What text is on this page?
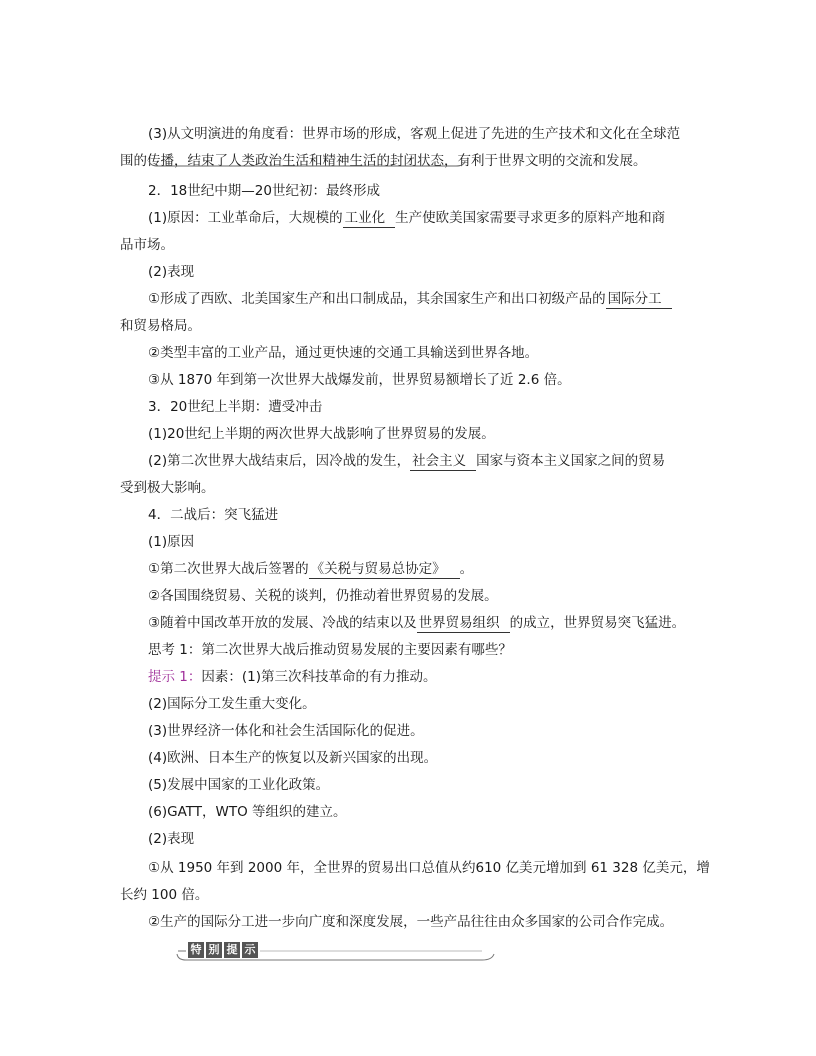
(3)从文明演进的角度看：世界市场的形成，客观上促进了先进的生产技术和文化在全球范
围的传播，结束了人类政治生活和精神生活的封闭状态，有利于世界文明的交流和发展。
2．18世纪中期—20世纪初：最终形成
(1)原因：工业革命后，大规模的 工业化 生产使欧美国家需要寻求更多的原料产地和商
品市场。
(2)表现
①形成了西欧、北美国家生产和出口制成品，其余国家生产和出口初级产品的 国际分工
和贸易格局。
②类型丰富的工业产品，通过更快速的交通工具输送到世界各地。
③从 1870 年到第一次世界大战爆发前，世界贸易额增长了近 2.6 倍。
3．20世纪上半期：遭受冲击
(1)20世纪上半期的两次世界大战影响了世界贸易的发展。
(2)第二次世界大战结束后，因冷战的发生， 社会主义 国家与资本主义国家之间的贸易
受到极大影响。
4．二战后：突飞猛进
(1)原因
①第二次世界大战后签署的 《关税与贸易总协定》 。
②各国围绕贸易、关税的谈判，仍推动着世界贸易的发展。
③随着中国改革开放的发展、冷战的结束以及 世界贸易组织 的成立，世界贸易突飞猛进。
思考 1：第二次世界大战后推动贸易发展的主要因素有哪些？
提示 1：因素：(1)第三次科技革命的有力推动。
(2)国际分工发生重大变化。
(3)世界经济一体化和社会生活国际化的促进。
(4)欧洲、日本生产的恢复以及新兴国家的出现。
(5)发展中国家的工业化政策。
(6)GATT，WTO 等组织的建立。
(2)表现
①从 1950 年到 2000 年，全世界的贸易出口总值从约610 亿美元增加到 61 328 亿美元，增
长约 100 倍。
②生产的国际分工进一步向广度和深度发展，一些产品往往由众多国家的公司合作完成。
特 别 提 示
